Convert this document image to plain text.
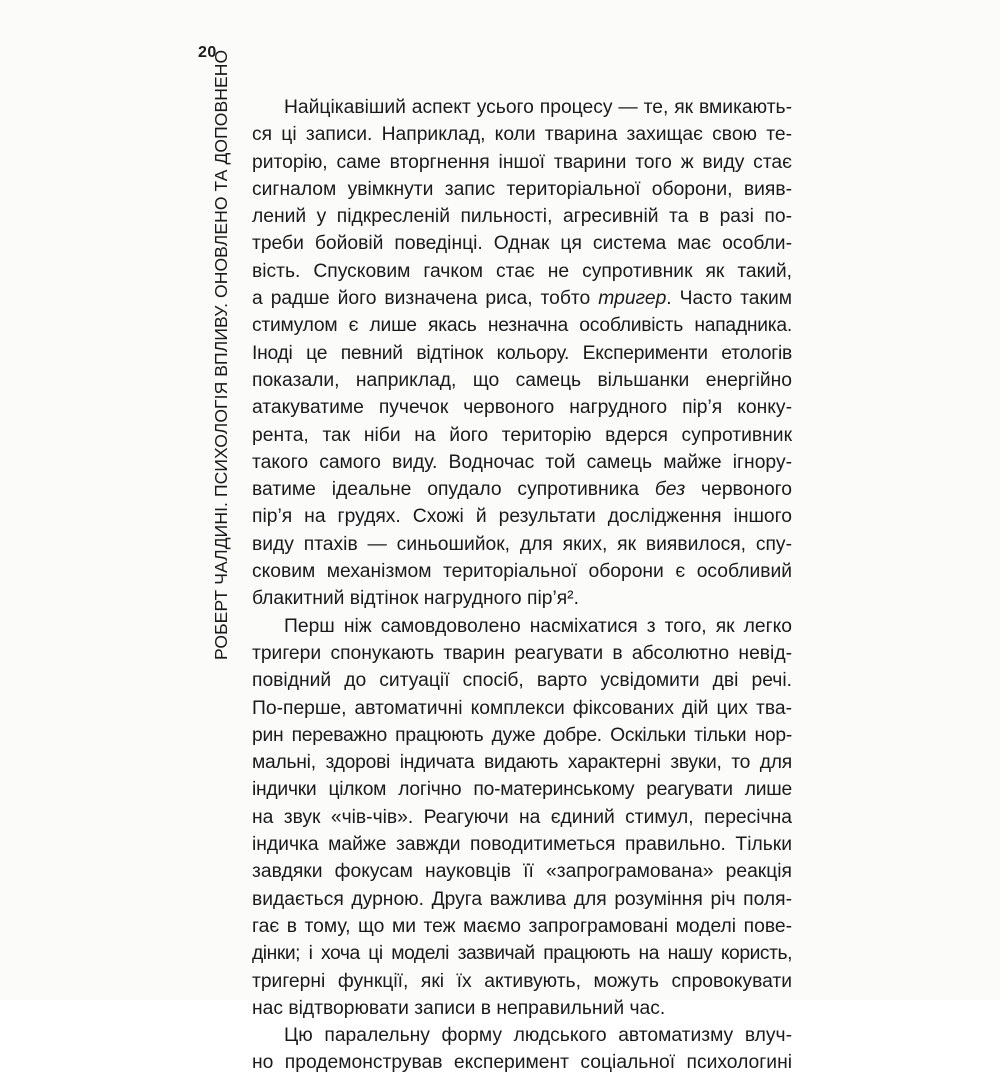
20
РОБЕРТ ЧАЛДИНІ. ПСИХОЛОГІЯ ВПЛИВУ. ОНОВЛЕНО ТА ДОПОВНЕНО	Найцікавіший аспект усього процесу — те, як вмикають-
ся ці записи. Наприклад, коли тварина захищає свою те-
риторію, саме вторгнення іншої тварини того ж виду стає
сигналом увімкнути запис територіальної оборони, вияв-
лений у підкресленій пильності, агресивній та в разі по-
треби бойовій поведінці. Однак ця система має особли-
вість. Спусковим гачком стає не супротивник як такий,
а радше його визначена риса, тобто тригер. Часто таким
стимулом є лише якась незначна особливість нападника.
Іноді це певний відтінок кольору. Експерименти етологів
показали, наприклад, що самець вільшанки енергійно
атакуватиме пучечок червоного нагрудного пір’я конку-
рента, так ніби на його територію вдерся супротивник
такого самого виду. Водночас той самець майже ігнору-
ватиме ідеальне опудало супротивника без червоного
пір’я на грудях. Схожі й результати дослідження іншого
виду птахів — синьошийок, для яких, як виявилося, спу-
сковим механізмом територіальної оборони є особливий
блакитний відтінок нагрудного пір’я².
Перш ніж самовдоволено насміхатися з того, як легко
тригери спонукають тварин реагувати в абсолютно невід-
повідний до ситуації спосіб, варто усвідомити дві речі.
По-перше, автоматичні комплекси фіксованих дій цих тва-
рин переважно працюють дуже добре. Оскільки тільки нор-
мальні, здорові індичата видають характерні звуки, то для
індички цілком логічно по-материнському реагувати лише
на звук «чів-чів». Реагуючи на єдиний стимул, пересічна
індичка майже завжди поводитиметься правильно. Тільки
завдяки фокусам науковців її «запрограмована» реакція
видається дурною. Друга важлива для розуміння річ поля-
гає в тому, що ми теж маємо запрограмовані моделі пове-
дінки; і хоча ці моделі зазвичай працюють на нашу користь,
тригерні функції, які їх активують, можуть спровокувати
нас відтворювати записи в неправильний час.
Цю паралельну форму людського автоматизму влуч-
но продемонстрував експеримент соціальної психологині
